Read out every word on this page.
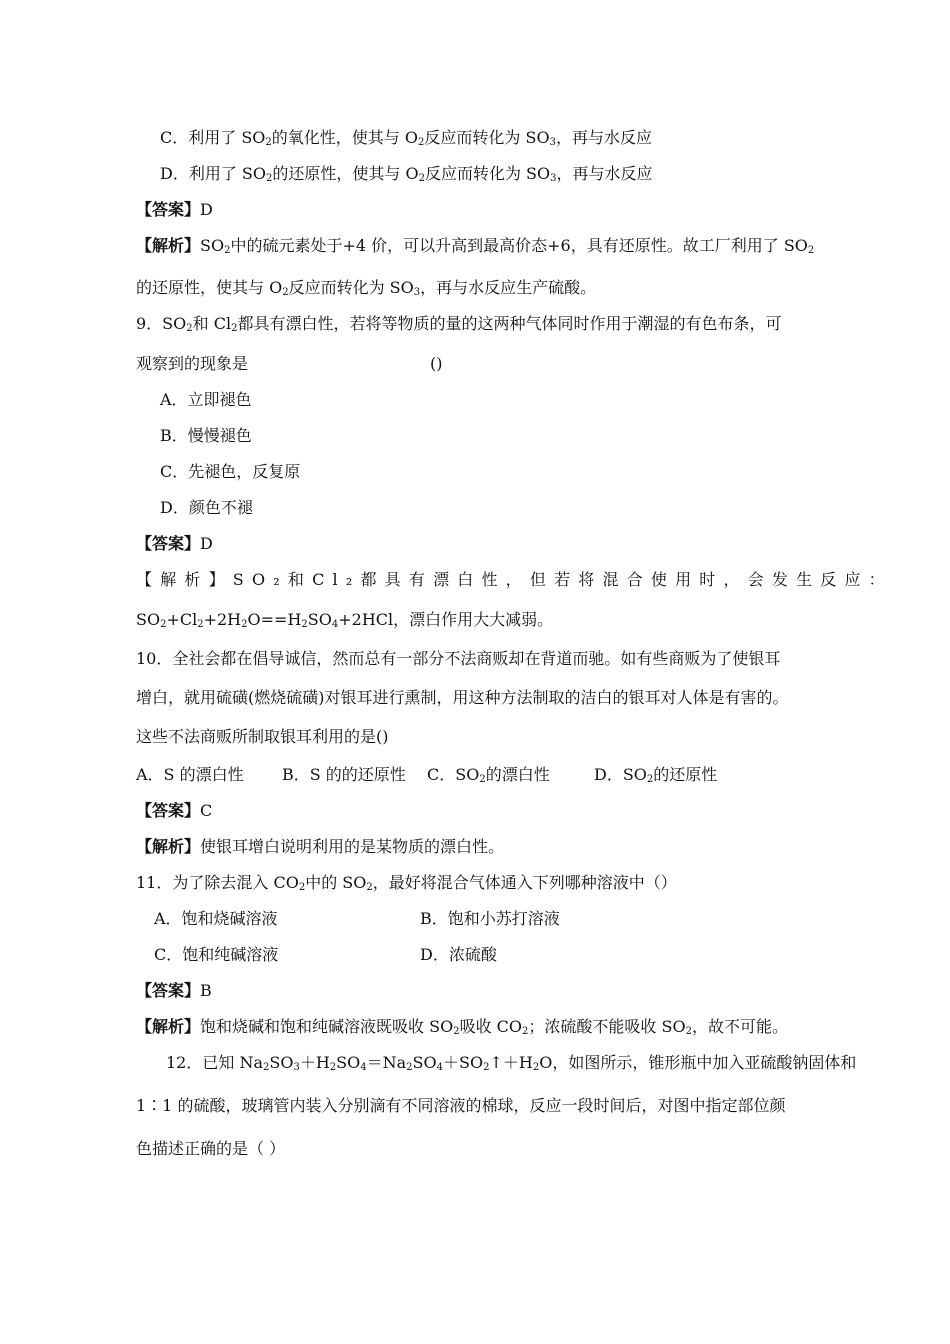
C．利用了 $SO_2$的氧化性，使其与 $O_2$反应而转化为 $SO_3$，再与水反应
D．利用了 $SO_2$的还原性，使其与 $O_2$反应而转化为 $SO_3$，再与水反应
【答案】D
【解析】$SO_2$中的硫元素处于+4 价，可以升高到最高价态+6，具有还原性。故工厂利用了 $SO_2$
的还原性，使其与 $O_2$反应而转化为 $SO_3$，再与水反应生产硫酸。
9．$SO_2$和 $Cl_2$都具有漂白性，若将等物质的量的这两种气体同时作用于潮湿的有色布条，可
观察到的现象是	()
A．立即褪色
B．慢慢褪色
C．先褪色，反复原
D．颜色不褪
【答案】D
【解析】SO₂和Cl₂都具有漂白性，但若将混合使用时，会发生反应：
$SO_2+Cl_2+2H_2O==H_2SO_4+2HCl$，漂白作用大大减弱。
10．全社会都在倡导诚信，然而总有一部分不法商贩却在背道而驰。如有些商贩为了使银耳
增白，就用硫磺(燃烧硫磺)对银耳进行熏制，用这种方法制取的洁白的银耳对人体是有害的。
这些不法商贩所制取银耳利用的是()
A．S 的漂白性 B．S 的的还原性 C．$SO_2$的漂白性	D．$SO_2$的还原性
【答案】C
【解析】使银耳增白说明利用的是某物质的漂白性。
11．为了除去混入 $CO_2$中的 $SO_2$，最好将混合气体通入下列哪种溶液中（）
A．饱和烧碱溶液	B．饱和小苏打溶液
C．饱和纯碱溶液	D．浓硫酸
【答案】B
【解析】饱和烧碱和饱和纯碱溶液既吸收 $SO_2$吸收 $CO_2$；浓硫酸不能吸收 $SO_2$，故不可能。
12．已知 $Na_2SO_3+H_2SO_4=Na_2SO_4+SO_2↑+H_2O$，如图所示，锥形瓶中加入亚硫酸钠固体和
1∶1 的硫酸，玻璃管内装入分别滴有不同溶液的棉球，反应一段时间后，对图中指定部位颜
色描述正确的是（ ）
